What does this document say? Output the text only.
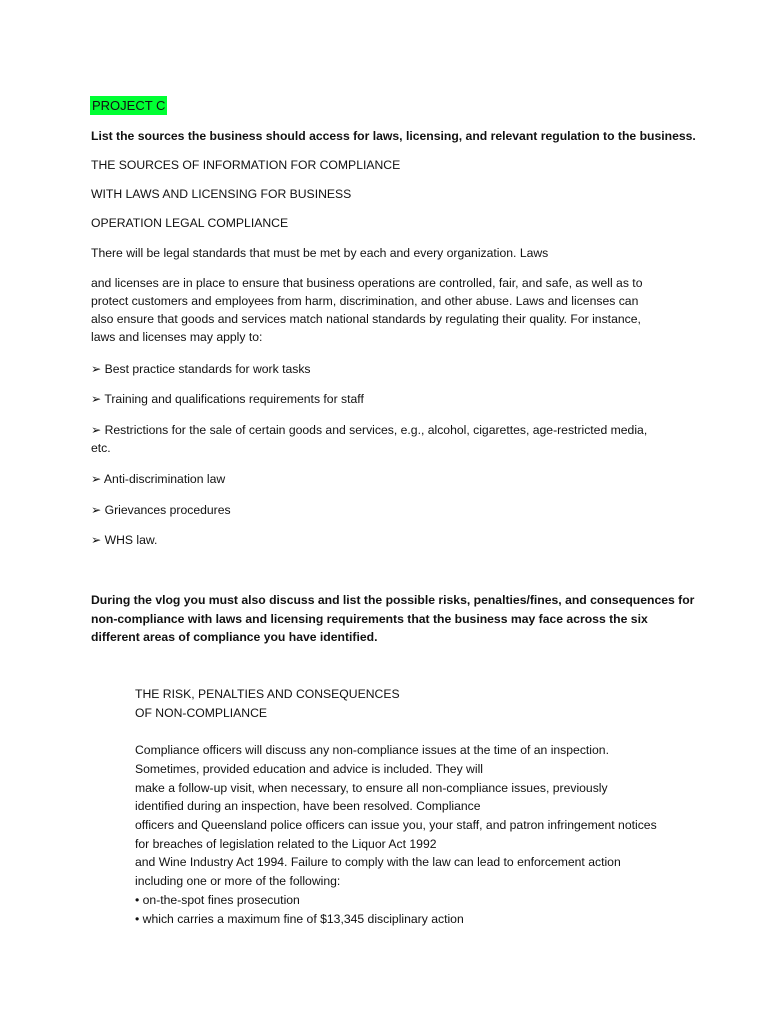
PROJECT C
List the sources the business should access for laws, licensing, and relevant regulation to the business.
THE SOURCES OF INFORMATION FOR COMPLIANCE
WITH LAWS AND LICENSING FOR BUSINESS
OPERATION LEGAL COMPLIANCE
There will be legal standards that must be met by each and every organization. Laws
and licenses are in place to ensure that business operations are controlled, fair, and safe, as well as to
protect customers and employees from harm, discrimination, and other abuse. Laws and licenses can
also ensure that goods and services match national standards by regulating their quality. For instance,
laws and licenses may apply to:
➢ Best practice standards for work tasks
➢ Training and qualifications requirements for staff
➢ Restrictions for the sale of certain goods and services, e.g., alcohol, cigarettes, age-restricted media,
etc.
➢ Anti-discrimination law
➢ Grievances procedures
➢ WHS law.
During the vlog you must also discuss and list the possible risks, penalties/fines, and consequences for
non-compliance with laws and licensing requirements that the business may face across the six
different areas of compliance you have identified.
THE RISK, PENALTIES AND CONSEQUENCES
OF NON-COMPLIANCE
Compliance officers will discuss any non-compliance issues at the time of an inspection.
Sometimes, provided education and advice is included. They will
make a follow-up visit, when necessary, to ensure all non-compliance issues, previously
identified during an inspection, have been resolved. Compliance
officers and Queensland police officers can issue you, your staff, and patron infringement notices
for breaches of legislation related to the Liquor Act 1992
and Wine Industry Act 1994. Failure to comply with the law can lead to enforcement action
including one or more of the following:
• on-the-spot fines prosecution
• which carries a maximum fine of $13,345 disciplinary action
